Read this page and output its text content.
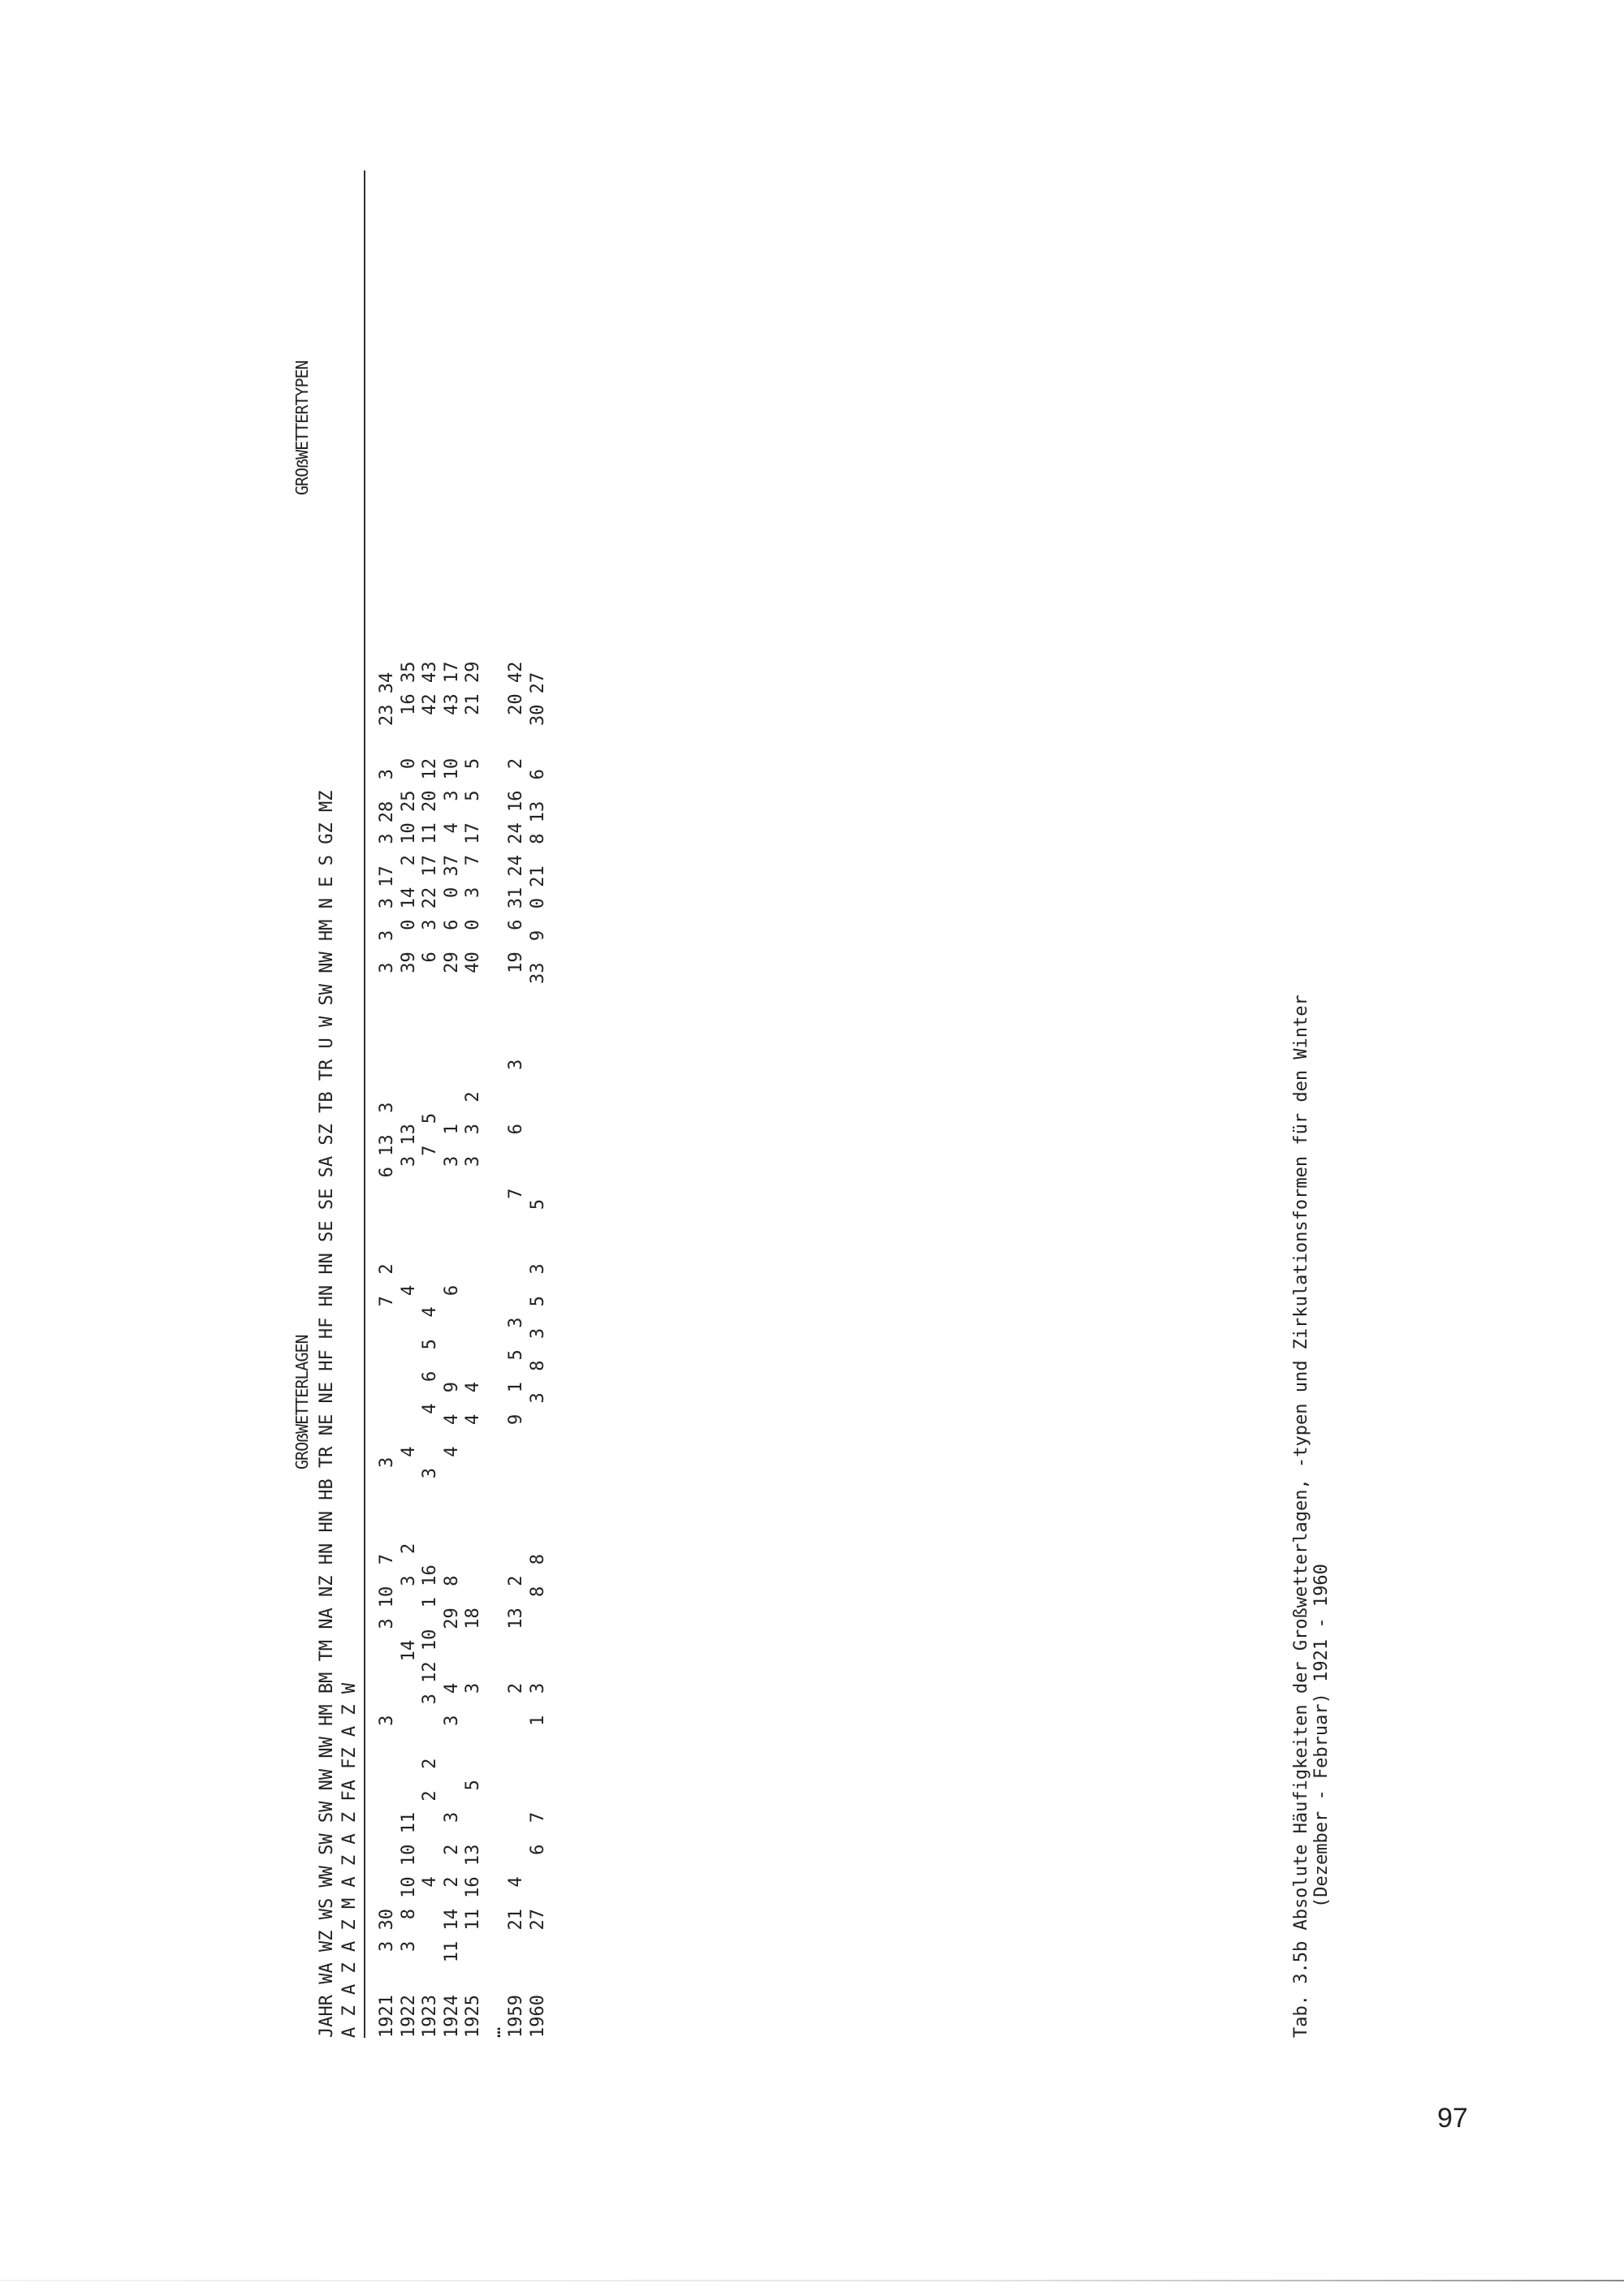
GROẞWETTERLAGEN
GROẞWETTERTYPEN
JAHR WA WZ WS WW SW SW NW NW HM BM TM NA NZ HN HN HB TR NE NE HF HF HN HN SE SE SA SZ TB TR U W SW NW HM N E S GZ MZ A Z A Z A Z M A Z A Z FA FZ A Z W 1921    3 30                 3        3 10  7        3              7  2        6 13  3            3  3  3 17  3 28  3    23 34 1922    3  8 10 10 11              14     3  2        4              4           3 13              39  0 14  2 10 25  0    16 35 1923          4       2  2     3 12 10  1 16        3     4  6  5  4              7  5              6  3 22 17 11 20 12    42 43 1924   11 14  2  2  3        3  4     29  8           4  4  9        6           3  1              29  6  0 37  4  3 10    43 17 1925      11 16 13     5        3     18                 4  4                    3  3  2           40  0  3  7 17  5  5    21 29 … 1959      21  4                 2     13  2              9  1  5  3           7     6     3        19  6 31 24 24 16  2    20 42 1960      27     6  7        1  3        8  8              3  8  3  5  3     5                    33  9  0 21  8 13  6    30 27	Tab. 3.5b Absolute Häufigkeiten der Großwetterlagen, -typen und Zirkulationsformen für den Winter (Dezember - Februar) 1921 - 1960
97
